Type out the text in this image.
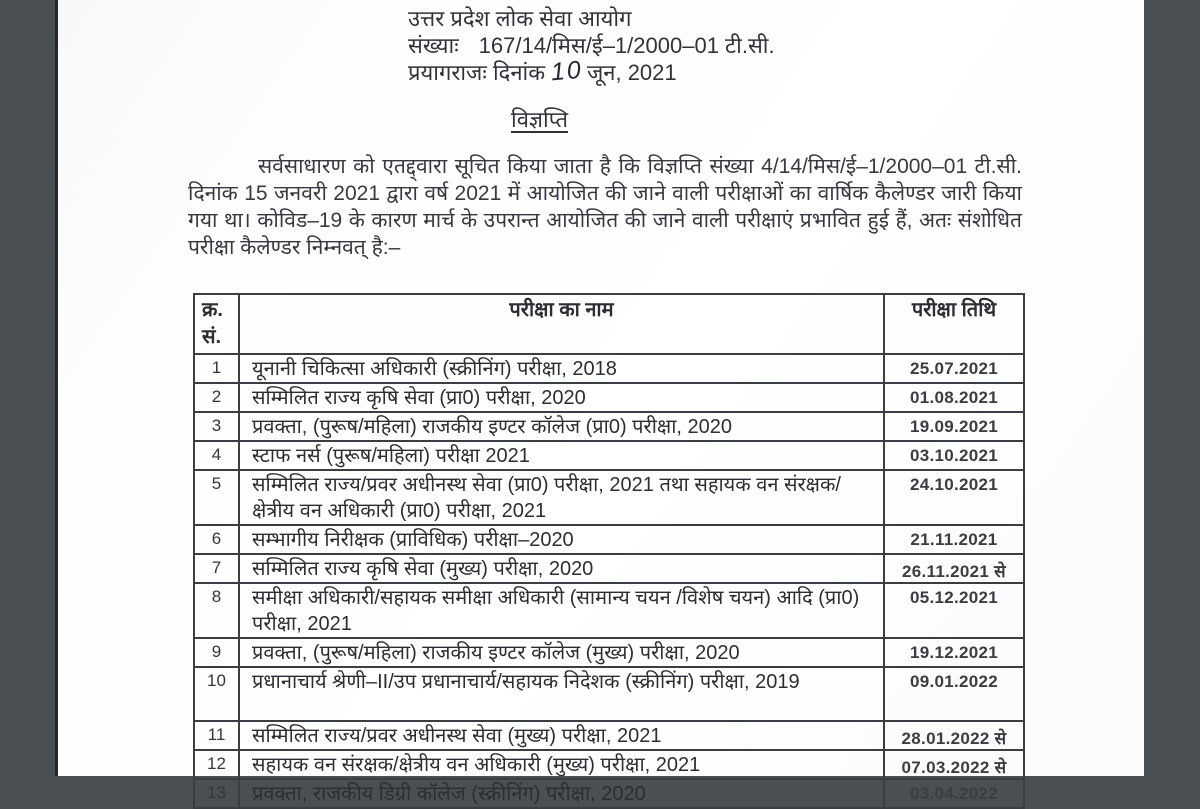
उत्तर प्रदेश लोक सेवा आयोग
संख्याः 167/14/मिस/ई–1/2000–01 टी.सी.
प्रयागराजः दिनांक 10 जून, 2021
विज्ञप्ति

सर्वसाधारण को एतद्द्वारा सूचित किया जाता है कि विज्ञप्ति संख्या 4/14/मिस/ई–1/2000–01 टी.सी. दिनांक 15 जनवरी 2021 द्वारा वर्ष 2021 में आयोजित की जाने वाली परीक्षाओं का वार्षिक कैलेण्डर जारी किया गया था। कोविड–19 के कारण मार्च के उपरान्त आयोजित की जाने वाली परीक्षाएं प्रभावित हुई हैं, अतः संशोधित परीक्षा कैलेण्डर निम्नवत् है:–

क्र.
सं.	परीक्षा का नाम	परीक्षा तिथि
1	यूनानी चिकित्सा अधिकारी (स्क्रीनिंग) परीक्षा, 2018	25.07.2021
2	सम्मिलित राज्य कृषि सेवा (प्रा0) परीक्षा, 2020	01.08.2021
3	प्रवक्ता, (पुरूष/महिला) राजकीय इण्टर कॉलेज (प्रा0) परीक्षा, 2020	19.09.2021
4	स्टाफ नर्स (पुरूष/महिला) परीक्षा 2021	03.10.2021
5	सम्मिलित राज्य/प्रवर अधीनस्थ सेवा (प्रा0) परीक्षा, 2021 तथा सहायक वन संरक्षक/क्षेत्रीय वन अधिकारी (प्रा0) परीक्षा, 2021	24.10.2021
6	सम्भागीय निरीक्षक (प्राविधिक) परीक्षा–2020	21.11.2021
7	सम्मिलित राज्य कृषि सेवा (मुख्य) परीक्षा, 2020	26.11.2021 से
8	समीक्षा अधिकारी/सहायक समीक्षा अधिकारी (सामान्य चयन /विशेष चयन) आदि (प्रा0) परीक्षा, 2021	05.12.2021
9	प्रवक्ता, (पुरूष/महिला) राजकीय इण्टर कॉलेज (मुख्य) परीक्षा, 2020	19.12.2021
10	प्रधानाचार्य श्रेणी–II/उप प्रधानाचार्य/सहायक निदेशक (स्क्रीनिंग) परीक्षा, 2019	09.01.2022
11	सम्मिलित राज्य/प्रवर अधीनस्थ सेवा (मुख्य) परीक्षा, 2021	28.01.2022 से
12	सहायक वन संरक्षक/क्षेत्रीय वन अधिकारी (मुख्य) परीक्षा, 2021	07.03.2022 से
13	प्रवक्ता, राजकीय डिग्री कॉलेज (स्क्रीनिंग) परीक्षा, 2020	03.04.2022
